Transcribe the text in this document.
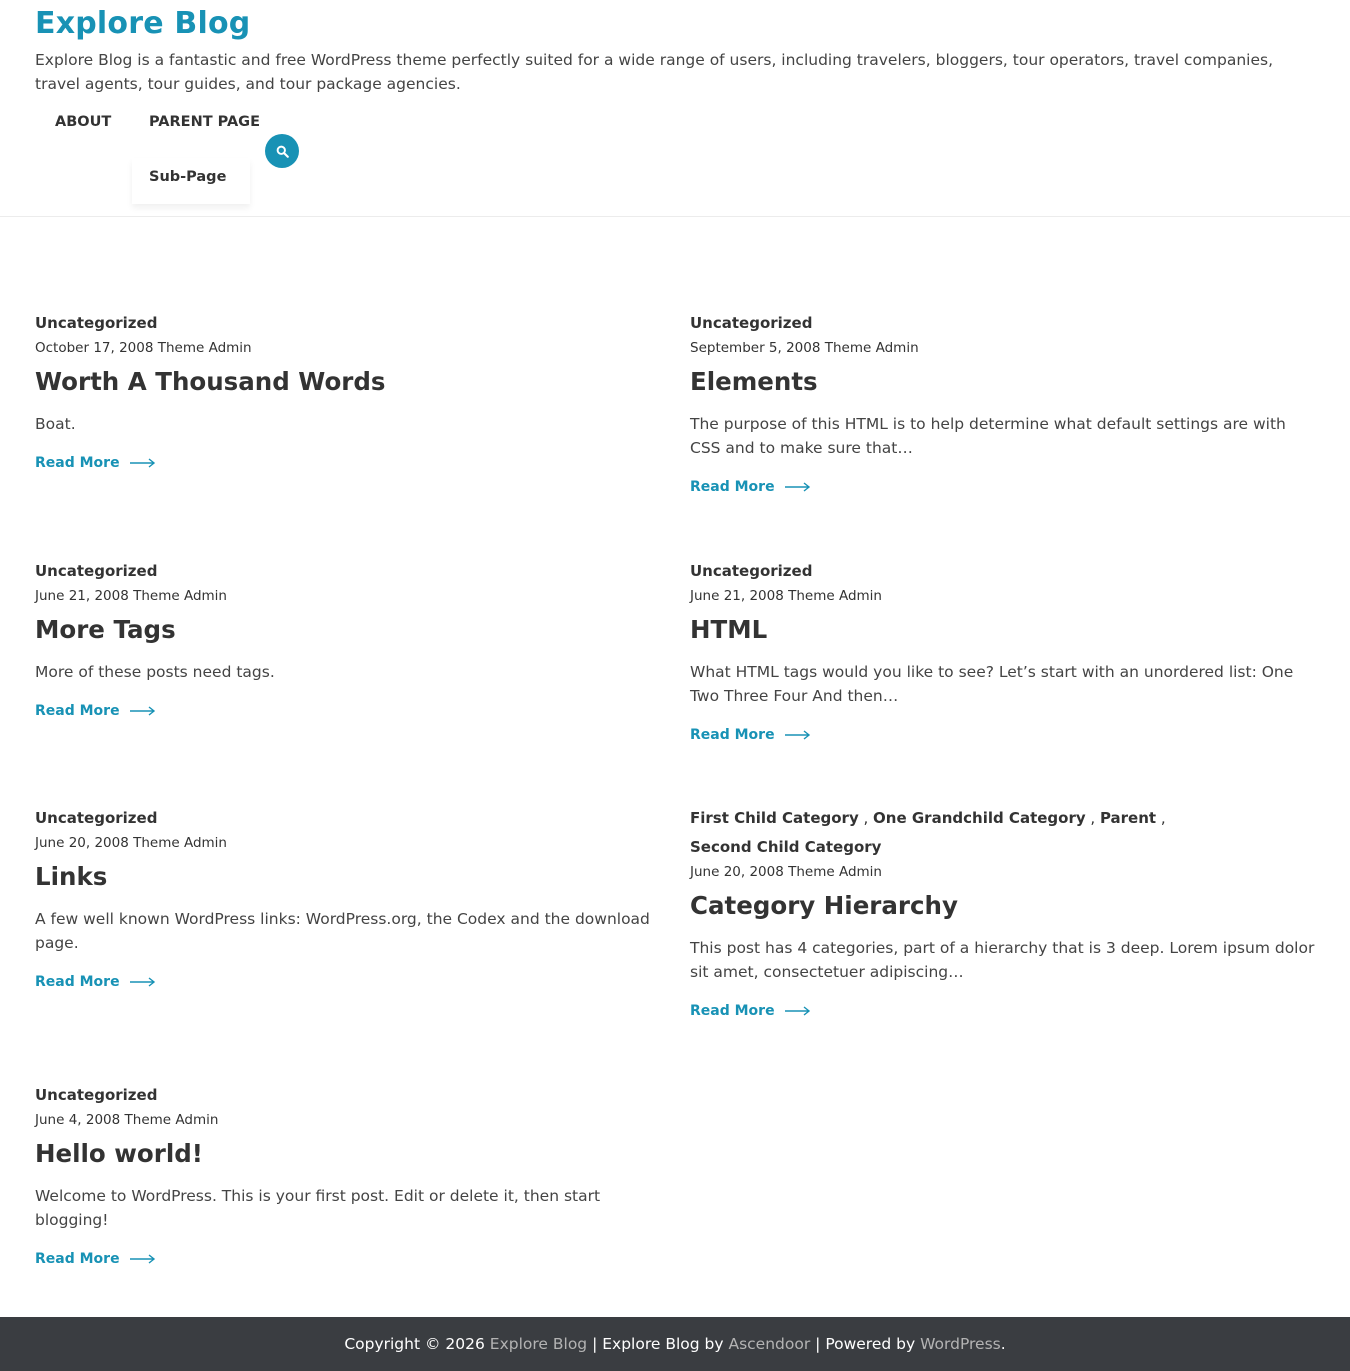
Explore Blog

Explore Blog is a fantastic and free WordPress theme perfectly suited for a wide range of users, including travelers, bloggers, tour operators, travel companies, travel agents, tour guides, and tour package agencies.

ABOUT	PARENT PAGE
Sub-Page
Uncategorized
October 17, 2008 Theme Admin
Worth A Thousand Words

Boat.

Read More
Uncategorized
September 5, 2008 Theme Admin
Elements

The purpose of this HTML is to help determine what default settings are with CSS and to make sure that…

Read More
Uncategorized
June 21, 2008 Theme Admin
More Tags

More of these posts need tags.

Read More
Uncategorized
June 21, 2008 Theme Admin
HTML

What HTML tags would you like to see? Let’s start with an unordered list: One Two Three Four And then…

Read More
Uncategorized
June 20, 2008 Theme Admin
Links

A few well known WordPress links: WordPress.org, the Codex and the download page.

Read More
First Child Category , One Grandchild Category , Parent ,
Second Child Category
June 20, 2008 Theme Admin
Category Hierarchy

This post has 4 categories, part of a hierarchy that is 3 deep. Lorem ipsum dolor sit amet, consectetuer adipiscing…

Read More
Uncategorized
June 4, 2008 Theme Admin
Hello world!

Welcome to WordPress. This is your first post. Edit or delete it, then start blogging!

Read More
Copyright © 2026
Explore Blog
| Explore Blog by
Ascendoor
| Powered by
WordPress .
